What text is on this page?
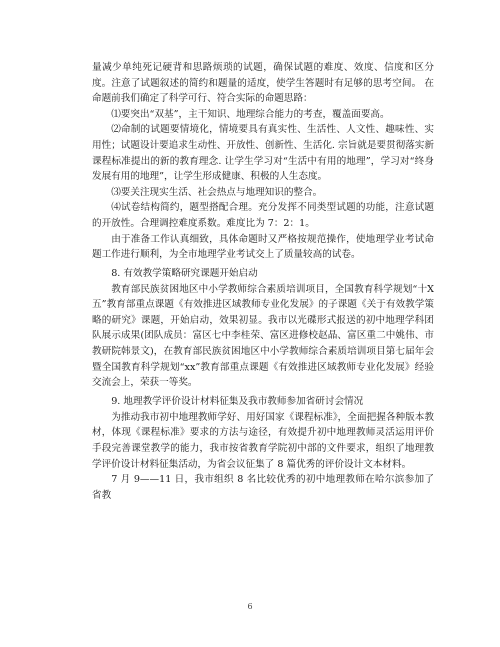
量减少单纯死记硬背和思路烦琐的试题，确保试题的难度、效度、信度和区分度。注意了试题叙述的简约和题量的适度，使学生答题时有足够的思考空间。 在命题前我们确定了科学可行、符合实际的命题思路：

⑴要突出“双基”，主干知识、地理综合能力的考查，覆盖面要高。

⑵命制的试题要情境化，情境要具有真实性、生活性、人文性、趣味性、实用性；试题设计要追求生动性、开放性、创新性、生活化. 宗旨就是要贯彻落实新课程标准提出的新的教育理念. 让学生学习对“生活中有用的地理”，学习对“终身发展有用的地理”，让学生形成健康、积极的人生态度。

⑶要关注现实生活、社会热点与地理知识的整合。

⑷试卷结构简约，题型搭配合理。充分发挥不同类型试题的功能，注意试题的开放性。合理调控难度系数。难度比为 7：2：1。

由于准备工作认真细致，具体命题时又严格按规范操作，使地理学业考试命题工作进行顺利，为全市地理学业考试交上了质量较高的试卷。

8. 有效教学策略研究课题开始启动

教育部民族贫困地区中小学教师综合素质培训项目，全国教育科学规划“十Ⅹ五”教育部重点课题《有效推进区域教师专业化发展》的子课题《关于有效教学策略的研究》课题，开始启动，效果初显。我市以光碟形式报送的初中地理学科团队展示成果(团队成员：富区七中李桂荣、富区进修校赵晶、富区重二中姚伟、市教研院韩景文)，在教育部民族贫困地区中小学教师综合素质培训项目第七届年会暨全国教育科学规划“xx”教育部重点课题《有效推进区域教师专业化发展》经验交流会上，荣获一等奖。

9. 地理教学评价设计材料征集及我市教师参加省研讨会情况

为推动我市初中地理教师学好、用好国家《课程标准》，全面把握各种版本教材，体现《课程标准》要求的方法与途径，有效提升初中地理教师灵活运用评价手段完善课堂教学的能力，我市按省教育学院初中部的文件要求，组织了地理教学评价设计材料征集活动，为省会议征集了 8 篇优秀的评价设计文本材料。

7 月 9——11 日，我市组织 8 名比较优秀的初中地理教师在哈尔滨参加了省教

6
